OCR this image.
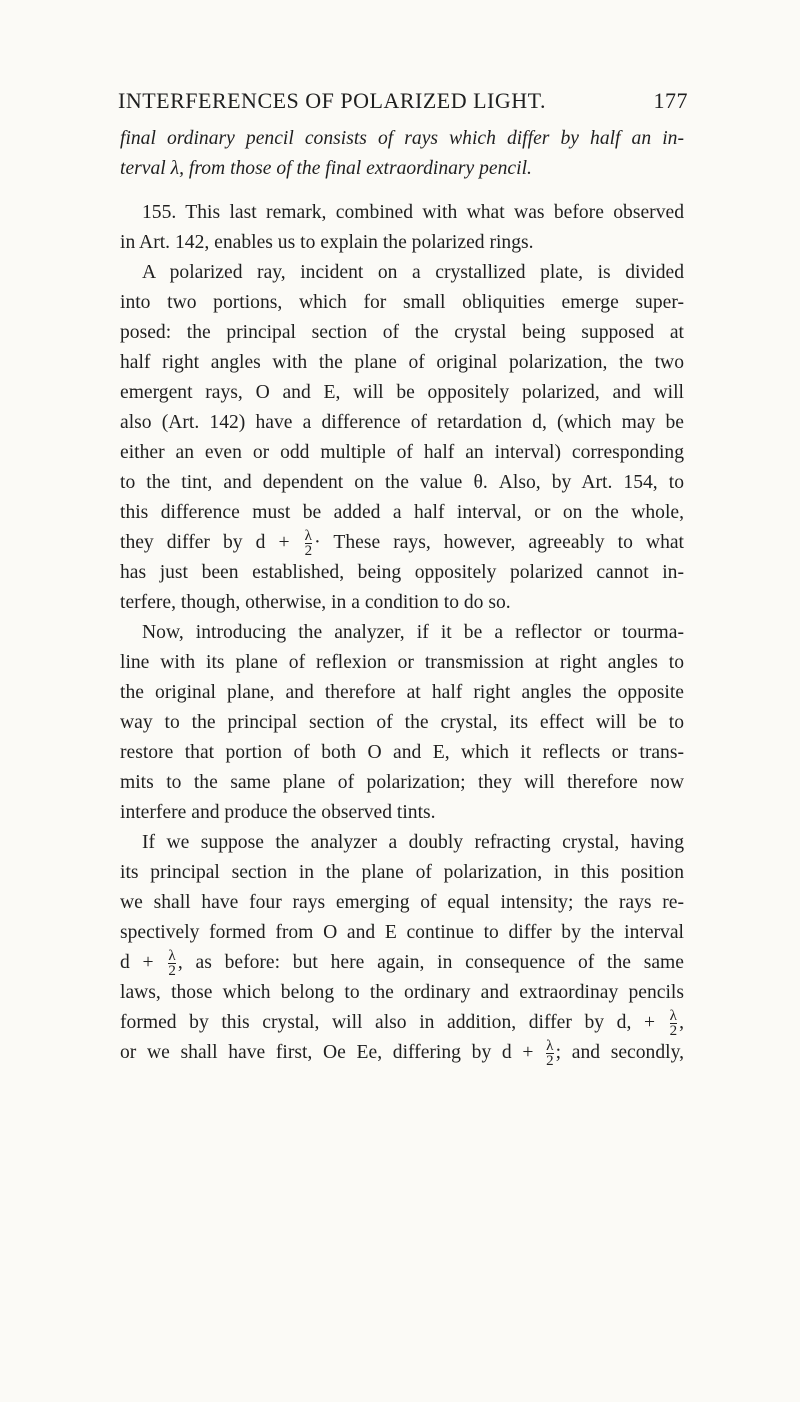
INTERFERENCES OF POLARIZED LIGHT.	177
final ordinary pencil consists of rays which differ by half an in-
terval λ, from those of the final extraordinary pencil.
155. This last remark, combined with what was before observed
in Art. 142, enables us to explain the polarized rings.
A polarized ray, incident on a crystallized plate, is divided
into two portions, which for small obliquities emerge super-
posed: the principal section of the crystal being supposed at
half right angles with the plane of original polarization, the two
emergent rays, O and E, will be oppositely polarized, and will
also (Art. 142) have a difference of retardation d, (which may be
either an even or odd multiple of half an interval) corresponding
to the tint, and dependent on the value θ. Also, by Art. 154, to
this difference must be added a half interval, or on the whole,
they differ by $d + \frac{\lambda}{2}$ · These rays, however, agreeably to what
has just been established, being oppositely polarized cannot in-
terfere, though, otherwise, in a condition to do so.
Now, introducing the analyzer, if it be a reflector or tourma-
line with its plane of reflexion or transmission at right angles to
the original plane, and therefore at half right angles the opposite
way to the principal section of the crystal, its effect will be to
restore that portion of both O and E, which it reflects or trans-
mits to the same plane of polarization; they will therefore now
interfere and produce the observed tints.
If we suppose the analyzer a doubly refracting crystal, having
its principal section in the plane of polarization, in this position
we shall have four rays emerging of equal intensity; the rays re-
spectively formed from O and E continue to differ by the interval
$d + \frac{\lambda}{2}$ , as before: but here again, in consequence of the same
laws, those which belong to the ordinary and extraordinay pencils
formed by this crystal, will also in addition, differ by d, + $\frac{\lambda}{2}$ ,
or we shall have first, Oe Ee, differing by $d + \frac{\lambda}{2}$ ; and secondly,
